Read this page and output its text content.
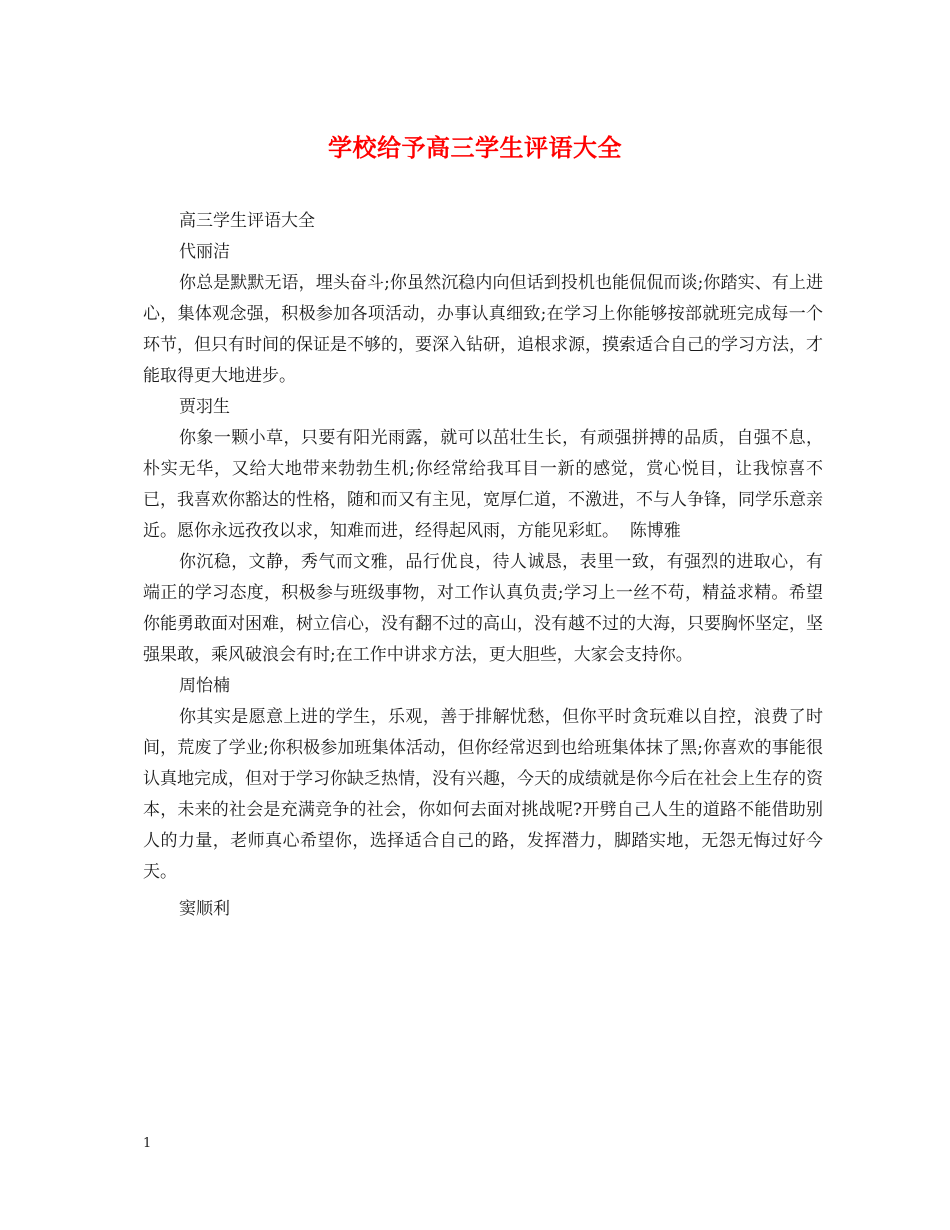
学校给予高三学生评语大全

高三学生评语大全

代丽洁

你总是默默无语，埋头奋斗;你虽然沉稳内向但话到投机也能侃侃而谈;你踏实、有上进心，集体观念强，积极参加各项活动，办事认真细致;在学习上你能够按部就班完成每一个环节，但只有时间的保证是不够的，要深入钻研，追根求源，摸索适合自己的学习方法，才能取得更大地进步。

贾羽生

你象一颗小草，只要有阳光雨露，就可以茁壮生长，有顽强拼搏的品质，自强不息，朴实无华，又给大地带来勃勃生机;你经常给我耳目一新的感觉，赏心悦目，让我惊喜不已，我喜欢你豁达的性格，随和而又有主见，宽厚仁道，不激进，不与人争锋，同学乐意亲近。愿你永远孜孜以求，知难而进，经得起风雨，方能见彩虹。 陈博雅

你沉稳，文静，秀气而文雅，品行优良，待人诚恳，表里一致，有强烈的进取心，有端正的学习态度，积极参与班级事物，对工作认真负责;学习上一丝不苟，精益求精。希望你能勇敢面对困难，树立信心，没有翻不过的高山，没有越不过的大海，只要胸怀坚定，坚强果敢，乘风破浪会有时;在工作中讲求方法，更大胆些，大家会支持你。

周怡楠

你其实是愿意上进的学生，乐观，善于排解忧愁，但你平时贪玩难以自控，浪费了时间，荒废了学业;你积极参加班集体活动，但你经常迟到也给班集体抹了黑;你喜欢的事能很认真地完成，但对于学习你缺乏热情，没有兴趣，今天的成绩就是你今后在社会上生存的资本，未来的社会是充满竞争的社会，你如何去面对挑战呢?开劈自己人生的道路不能借助别人的力量，老师真心希望你，选择适合自己的路，发挥潜力，脚踏实地，无怨无悔过好今天。

窦顺利

1
